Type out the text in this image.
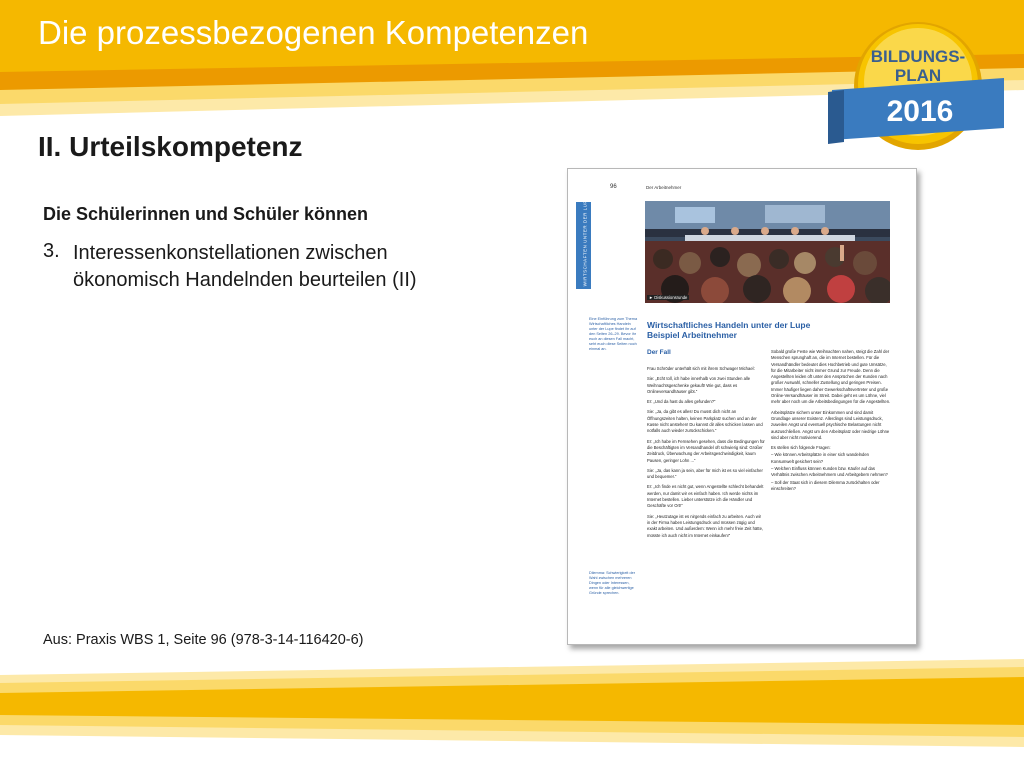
Die prozessbezogenen Kompetenzen
BILDUNGS-
PLAN
2016
II. Urteilskompetenz
Die Schülerinnen und Schüler können
3. Interessenkonstellationen zwischen ökonomisch Handelnden beurteilen (II)
96	Der Arbeitnehmer
WIRTSCHAFTEN UNTER DER LUPE
► Diskussionsrunde
Eine Einführung zum Thema Wirtschaftliches Handeln unter der Lupe findet ihr auf den Seiten 26–29. Bevor ihr euch an diesen Fall macht, seht euch diese Seiten noch einmal an.
Wirtschaftliches Handeln unter der Lupe
Beispiel Arbeitnehmer
Der Fall

Frau Schröder unterhält sich mit ihrem Schwager Michael:

Sie: „Echt toll, ich habe innerhalb von zwei Stunden alle Weihnachtsgeschenke gekauft! Wie gut, dass es Onlineversandhäuser gibt.“

Er: „Und da hast du alles gefunden?“

Sie: „Ja, da gibt es alles! Du musst dich nicht an Öffnungszeiten halten, keinen Parkplatz suchen und an der Kasse nicht anstehen! Du kannst dir alles schicken lassen und notfalls auch wieder zurückschicken.“

Er: „Ich habe im Fernsehen gesehen, dass die Bedingungen für die Beschäftigten im Versandhandel oft schwierig sind: Großer Zeitdruck, Überwachung der Arbeitsgeschwindigkeit, kaum Pausen, geringer Lohn ...“

Sie: „Ja, das kann ja sein, aber für mich ist es so viel einfacher und bequemer.“

Er: „Ich finde es nicht gut, wenn Angestellte schlecht behandelt werden, nur damit wir es einfach haben. Ich werde nichts im Internet bestellen. Lieber unterstütze ich die Händler und Geschäfte vor Ort!“

Sie: „Heutzutage ist es nirgends einfach zu arbeiten. Auch wir in der Firma haben Leistungsdruck und müssen zügig und exakt arbeiten. Und außerdem: Wenn ich mehr freie Zeit hätte, müsste ich auch nicht im Internet einkaufen!“

Sobald große Feste wie Weihnachten nahen, steigt die Zahl der Menschen sprunghaft an, die im Internet bestellen. Für die Versandhändler bedeutet dies Hochbetrieb und gute Umsätze, für die Mitarbeiter nicht immer Grund zur Freude. Denn die Angestellten leiden oft unter den Ansprüchen der Kunden nach großer Auswahl, schneller Zustellung und geringen Preisen. Immer häufiger liegen daher Gewerkschaftsvertreter und große Online-Versandhäuser im Streit. Dabei geht es um Löhne, viel mehr aber noch um die Arbeitsbedingungen für die Angestellten.

Arbeitsplätze sichern unser Einkommen und sind damit Grundlage unserer Existenz. Allerdings sind Leistungsdruck, zuweilen Angst und eventuell psychische Belastungen nicht auszuschließen. Angst um den Arbeitsplatz oder niedrige Löhne sind aber nicht motivierend.

Es stellen sich folgende Fragen:

– Wie können Arbeitsplätze in einer sich wandelnden Konsumwelt gesichert sein?

– Welchen Einfluss können Kunden bzw. Käufer auf das Verhältnis zwischen Arbeitnehmern und Arbeitgebern nehmen?

– Soll der Staat sich in diesem Dilemma zurückhalten oder einschreiten?

Dilemma: Schwierigkeit der Wahl zwischen mehreren Dingen oder Interessen, wenn für alle gleichwertige Gründe sprechen.
Aus: Praxis WBS 1, Seite 96 (978-3-14-116420-6)
